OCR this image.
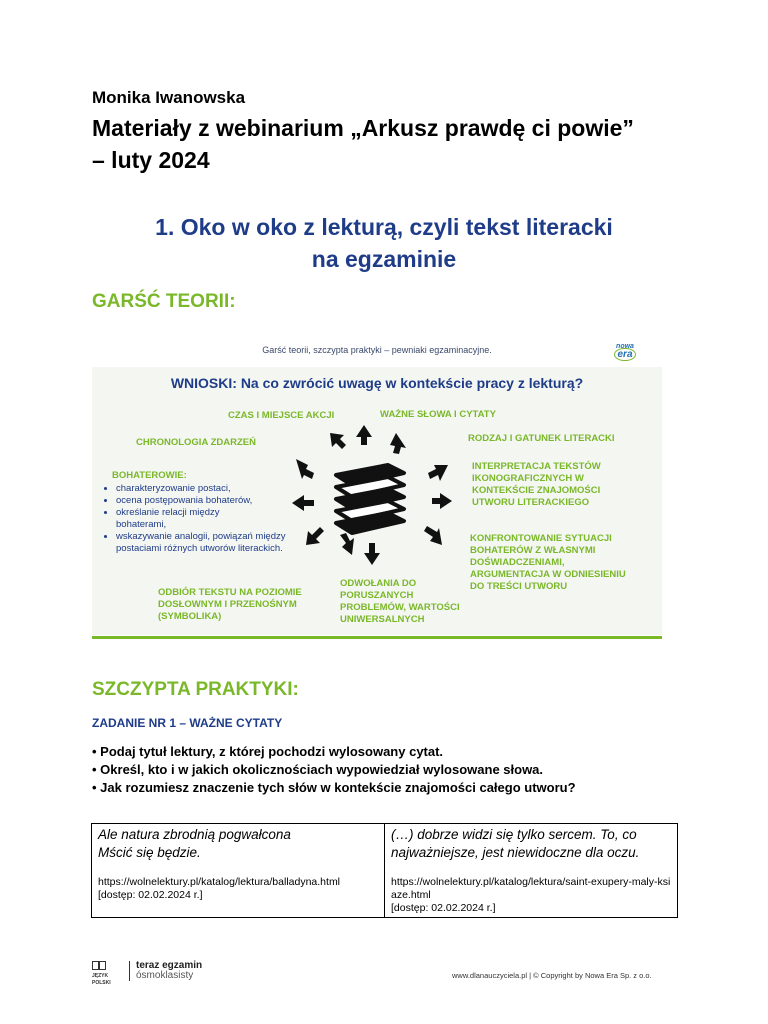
Monika Iwanowska
Materiały z webinarium „Arkusz prawdę ci powie”
– luty 2024
1. Oko w oko z lekturą, czyli tekst literacki
na egzaminie
GARŚĆ TEORII:
Garść teorii, szczypta praktyki – pewniaki egzaminacyjne.	nowa
era
WNIOSKI: Na co zwrócić uwagę w kontekście pracy z lekturą?
CZAS I MIEJSCE AKCJI	WAŻNE SŁOWA I CYTATY
CHRONOLOGIA ZDARZEŃ	RODZAJ I GATUNEK LITERACKI
BOHATEROWIE:
• charakteryzowanie postaci,
• ocena postępowania bohaterów,
• określanie relacji między bohaterami,
• wskazywanie analogii, powiązań między postaciami różnych utworów literackich.
INTERPRETACJA TEKSTÓW
IKONOGRAFICZNYCH W
KONTEKŚCIE ZNAJOMOŚCI
UTWORU LITERACKIEGO
KONFRONTOWANIE SYTUACJI
BOHATERÓW Z WŁASNYMI
DOŚWIADCZENIAMI,
ARGUMENTACJA W ODNIESIENIU
DO TREŚCI UTWORU
ODBIÓR TEKSTU NA POZIOMIE
DOSŁOWNYM I PRZENOŚNYM
(SYMBOLIKA)
ODWOŁANIA DO
PORUSZANYCH
PROBLEMÓW, WARTOŚCI
UNIWERSALNYCH
SZCZYPTA PRAKTYKI:
ZADANIE NR 1 – WAŻNE CYTATY
• Podaj tytuł lektury, z której pochodzi wylosowany cytat.
• Określ, kto i w jakich okolicznościach wypowiedział wylosowane słowa.
• Jak rozumiesz znaczenie tych słów w kontekście znajomości całego utworu?
Ale natura zbrodnią pogwałcona
Mścić się będzie.
https://wolnelektury.pl/katalog/lektura/balladyna.html
[dostęp: 02.02.2024 r.]

(…) dobrze widzi się tylko sercem. To, co
najważniejsze, jest niewidoczne dla oczu.
https://wolnelektury.pl/katalog/lektura/saint-exupery-maly-ksiaze.html
[dostęp: 02.02.2024 r.]
JĘZYK POLSKI
teraz egzamin
ósmoklasisty	www.dlanauczyciela.pl | © Copyright by Nowa Era Sp. z o.o.
